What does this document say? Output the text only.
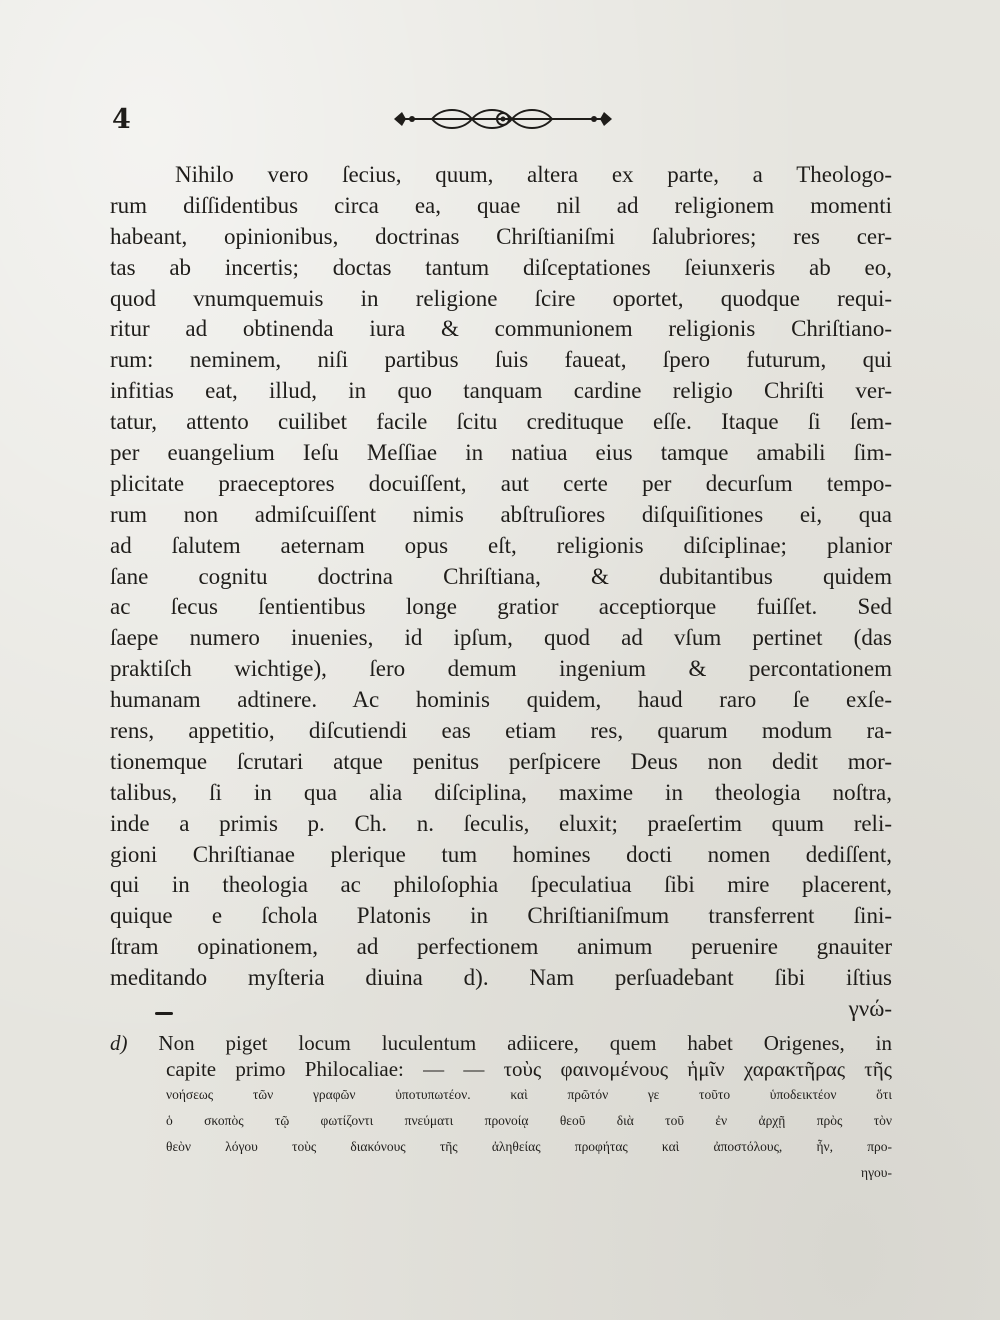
4
Nihilo vero ſecius, quum, altera ex parte, a Theologo-
rum diſſidentibus circa ea, quae nil ad religionem momenti
habeant, opinionibus, doctrinas Chriſtianiſmi ſalubriores; res cer-
tas ab incertis; doctas tantum diſceptationes ſeiunxeris ab eo,
quod vnumquemuis in religione ſcire oportet, quodque requi-
ritur ad obtinenda iura & communionem religionis Chriſtiano-
rum: neminem, niſi partibus ſuis faueat, ſpero futurum, qui
infitias eat, illud, in quo tanquam cardine religio Chriſti ver-
tatur, attento cuilibet facile ſcitu credituque eſſe. Itaque ſi ſem-
per euangelium Ieſu Meſſiae in natiua eius tamque amabili ſim-
plicitate praeceptores docuiſſent, aut certe per decurſum tempo-
rum non admiſcuiſſent nimis abſtruſiores diſquiſitiones ei, qua
ad ſalutem aeternam opus eſt, religionis diſciplinae; planior
ſane cognitu doctrina Chriſtiana, & dubitantibus quidem
ac ſecus ſentientibus longe gratior acceptiorque fuiſſet. Sed
ſaepe numero inuenies, id ipſum, quod ad vſum pertinet (das
praktiſch wichtige), ſero demum ingenium & percontationem
humanam adtinere. Ac hominis quidem, haud raro ſe exſe-
rens, appetitio, diſcutiendi eas etiam res, quarum modum ra-
tionemque ſcrutari atque penitus perſpicere Deus non dedit mor-
talibus, ſi in qua alia diſciplina, maxime in theologia noſtra,
inde a primis p. Ch. n. ſeculis, eluxit; praeſertim quum reli-
gioni Chriſtianae plerique tum homines docti nomen dediſſent,
qui in theologia ac philoſophia ſpeculatiua ſibi mire placerent,
quique e ſchola Platonis in Chriſtianiſmum transferrent ſini-
ſtram opinationem, ad perfectionem animum peruenire gnauiter
meditando myſteria diuina d). Nam perſuadebant ſibi iſtius
γνώ-
d) Non piget locum luculentum adiicere, quem habet Origenes, in
capite primo Philocaliae: — — τοὺς φαινομένους ἡμῖν χαρακτῆρας τῆς
νοήσεως τῶν γραφῶν ὑποτυπωτέον. καὶ πρῶτόν γε τοῦτο ὑποδεικτέον ὅτι
ὁ σκοπὸς τῷ φωτίζοντι πνεύματι προνοίᾳ θεοῦ διὰ τοῦ ἐν ἀρχῇ πρὸς τὸν
θεὸν λόγου τοὺς διακόνους τῆς ἀληθείας προφήτας καὶ ἀποστόλους, ἦν, προ-
ηγου-
